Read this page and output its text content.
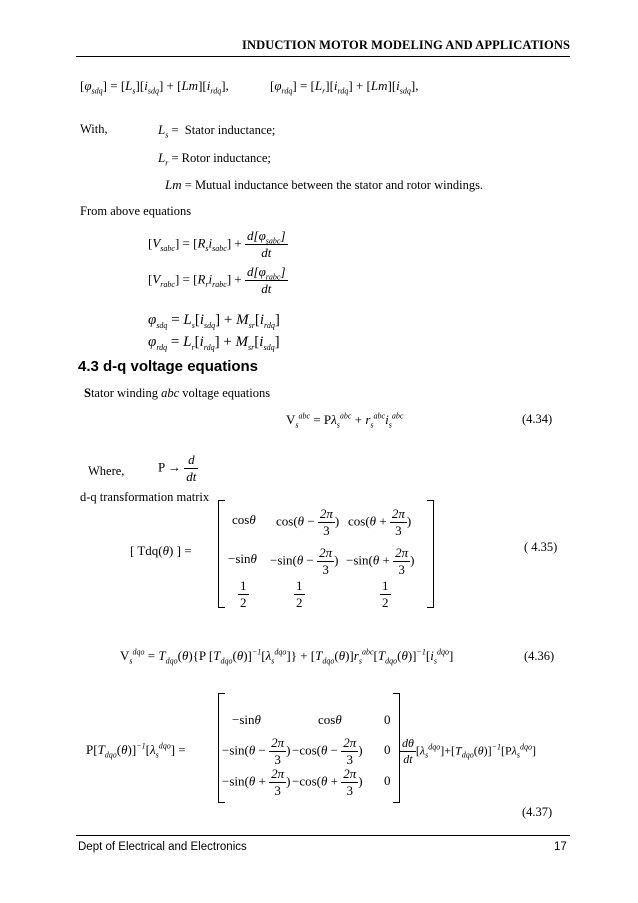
INDUCTION MOTOR MODELING AND APPLICATIONS
$[\varphi_{sdq}] = [L_s][i_{sdq}] + [Lm][i_{rdq}]$,	$[\varphi_{rdq}] = [L_r][i_{rdq}] + [Lm][i_{sdq}]$,
With,	$L_s$ =  Stator inductance;
$L_r$ = Rotor inductance;
Lm = Mutual inductance between the stator and rotor windings.
From above equations
$[V_{sabc}] = [R_si_{sabc}] + \frac{d[\varphi_{sabc}]}{dt}$
$[V_{rabc}] = [R_ri_{rabc}] + \frac{d[\varphi_{rabc}]}{dt}$
$\varphi_{sdq} = L_s[i_{sdq}] + M_{sr}[i_{rdq}]$
$\varphi_{rdq} = L_r[i_{rdq}] + M_{sr}[i_{sdq}]$
4.3 d-q voltage equations
Stator winding abc voltage equations
$V_s^{abc} = P\lambda_s^{abc} + r_s^{abc}i_s^{abc}$	(4.34)
Where,	$P \to \frac{d}{dt}$
d-q transformation matrix
[ Tdq(θ) ] =
cosθ $\cos(\theta - \frac{2\pi}{3}$ ) $\cos(\theta + \frac{2\pi}{3}$ )
$-\sin\theta -\sin(\theta - \frac{2\pi}{3}$ ) $-\sin(\theta + \frac{2\pi}{3}$ )
$\frac{1}{2}$	$\frac{1}{2}$	$\frac{1}{2}$
( 4.35)
$V_s^{dqo} = T_{dqo}(\theta)\{P$ $[T_{dqo}(\theta)]^{-1}[\lambda_s^{dqo}]\} + [T_{dqo}(\theta)]r_s^{abc}[T_{dqo}(\theta)]^{-1}[i_s^{dqo}]$	(4.36)
$P[T_{dqo}(\theta)]^{-1}[\lambda_s^{dqo}]$ =
−sinθ	cosθ	0
$-\sin(\theta - \frac{2\pi}{3}$ ) $-\cos(\theta - \frac{2\pi}{3}$ ) 0
$-\sin(\theta + \frac{2\pi}{3}$ ) $-\cos(\theta + \frac{2\pi}{3}$ ) 0
$\frac{d\theta}{dt} [\lambda_s^{dqo}]+[T_{dqo}(\theta)]^{-1}[P\lambda_s^{dqo}]$
(4.37)
Dept of Electrical and Electronics	17
